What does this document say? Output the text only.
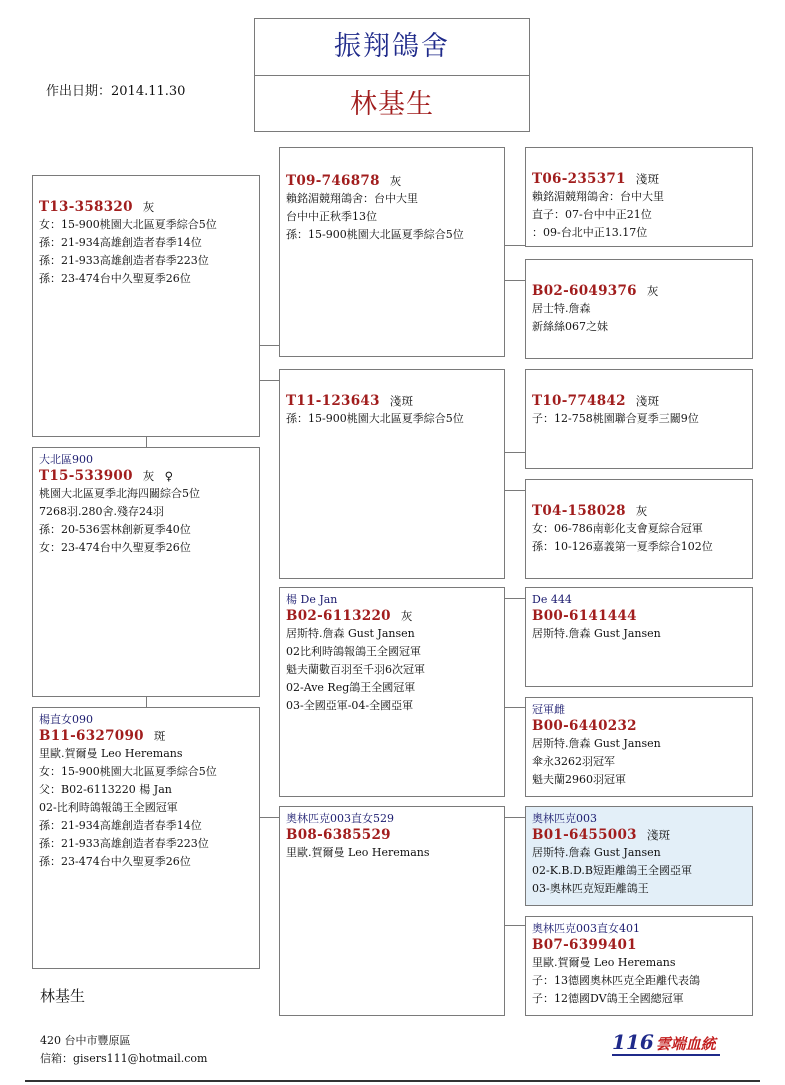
振翔鴿舍
林基生
作出日期：2014.11.30
T13-358320 灰
女：15-900桃園大北區夏季綜合5位
孫：21-934高雄創造者春季14位
孫：21-933高雄創造者春季223位
孫：23-474台中久聖夏季26位
大北區900
T15-533900 灰 ♀
桃園大北區夏季北海四關綜合5位
7268羽.280舍.殘存24羽
孫：20-536雲林創新夏季40位
女：23-474台中久聖夏季26位
楊直女090
B11-6327090 斑
里歐.賀爾曼 Leo Heremans
女：15-900桃園大北區夏季綜合5位
父：B02-6113220 楊 Jan
02-比利時鴿報鴿王全國冠軍
孫：21-934高雄創造者春季14位
孫：21-933高雄創造者春季223位
孫：23-474台中久聖夏季26位
T09-746878 灰
賴銘湄競翔鴿舍：台中大里
台中中正秋季13位
孫：15-900桃園大北區夏季綜合5位
T11-123643 淺斑
孫：15-900桃園大北區夏季綜合5位
楊 De Jan
B02-6113220 灰
居斯特.詹森 Gust Jansen
02比利時鴿報鴿王全國冠軍
魁夫蘭數百羽至千羽6次冠軍
02-Ave Reg鴿王全國冠軍
03-全國亞軍-04-全國亞軍
奧林匹克003直女529
B08-6385529
里歐.賀爾曼 Leo Heremans
T06-235371 淺斑
賴銘湄競翔鴿舍：台中大里
直子：07-台中中正21位
：09-台北中正13.17位
B02-6049376 灰
居士特.詹森
新絲絲067之妹
T10-774842 淺斑
子：12-758桃園聯合夏季三關9位
T04-158028 灰
女：06-786南彰化支會夏綜合冠軍
孫：10-126嘉義第一夏季綜合102位
De 444
B00-6141444
居斯特.詹森 Gust Jansen
冠軍雌
B00-6440232
居斯特.詹森 Gust Jansen
傘永3262羽冠军
魁夫蘭2960羽冠軍
奧林匹克003
B01-6455003 淺斑
居斯特.詹森 Gust Jansen
02-K.B.D.B短距離鴿王全國亞軍
03-奧林匹克短距離鴿王
奧林匹克003直女401
B07-6399401
里歐.賀爾曼 Leo Heremans
子：13德國奧林匹克全距離代表鴿
子：12德國DV鴿王全國總冠軍
林基生
420 台中市豐原區
信箱：gisers111@hotmail.com
116 雲端血統
